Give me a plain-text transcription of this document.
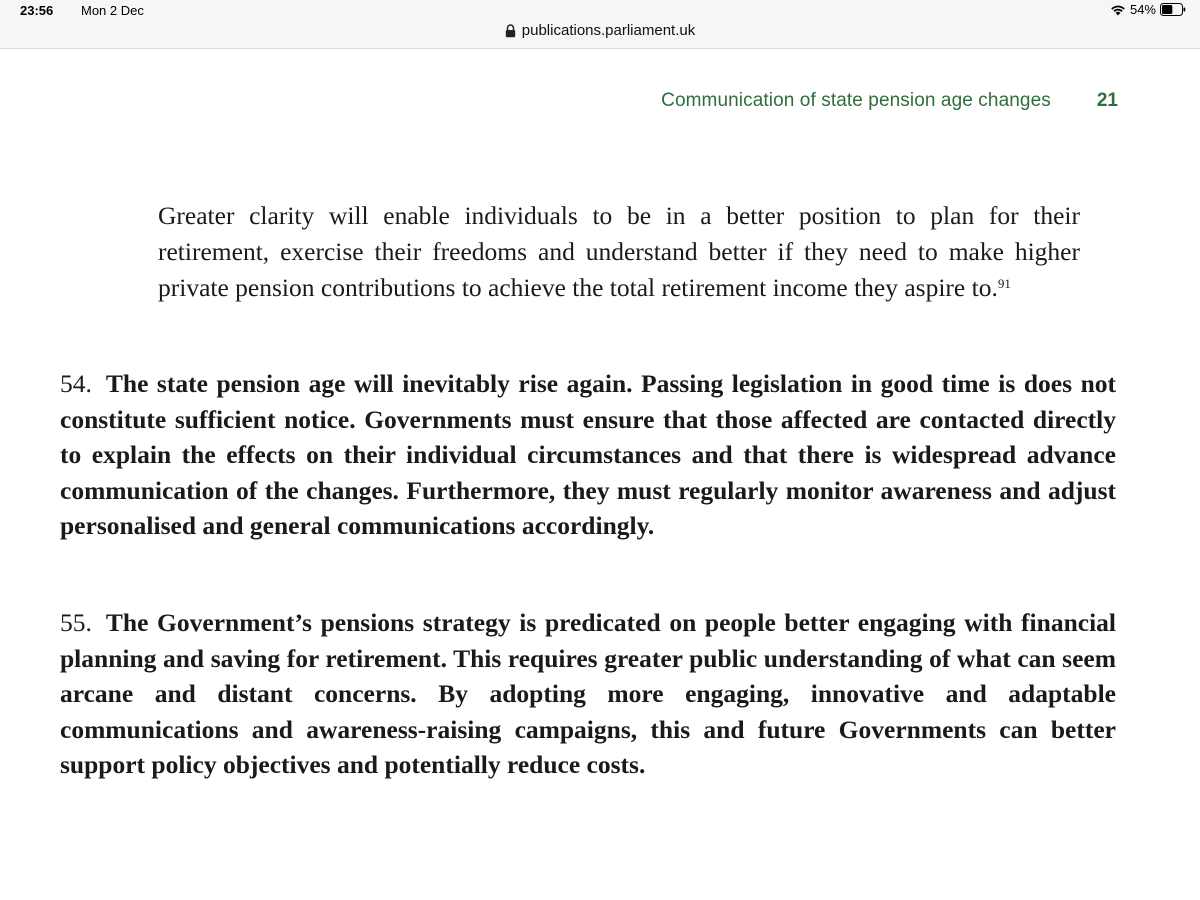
23:56 Mon 2 Dec	54%
publications.parliament.uk
Communication of state pension age changes 21
Greater clarity will enable individuals to be in a better position to plan for their retirement, exercise their freedoms and understand better if they need to make higher private pension contributions to achieve the total retirement income they aspire to.$^{91}$
54. The state pension age will inevitably rise again. Passing legislation in good time is does not constitute sufficient notice. Governments must ensure that those affected are contacted directly to explain the effects on their individual circumstances and that there is widespread advance communication of the changes. Furthermore, they must regularly monitor awareness and adjust personalised and general communications accordingly.
55. The Government’s pensions strategy is predicated on people better engaging with financial planning and saving for retirement. This requires greater public understanding of what can seem arcane and distant concerns. By adopting more engaging, innovative and adaptable communications and awareness-raising campaigns, this and future Governments can better support policy objectives and potentially reduce costs.
